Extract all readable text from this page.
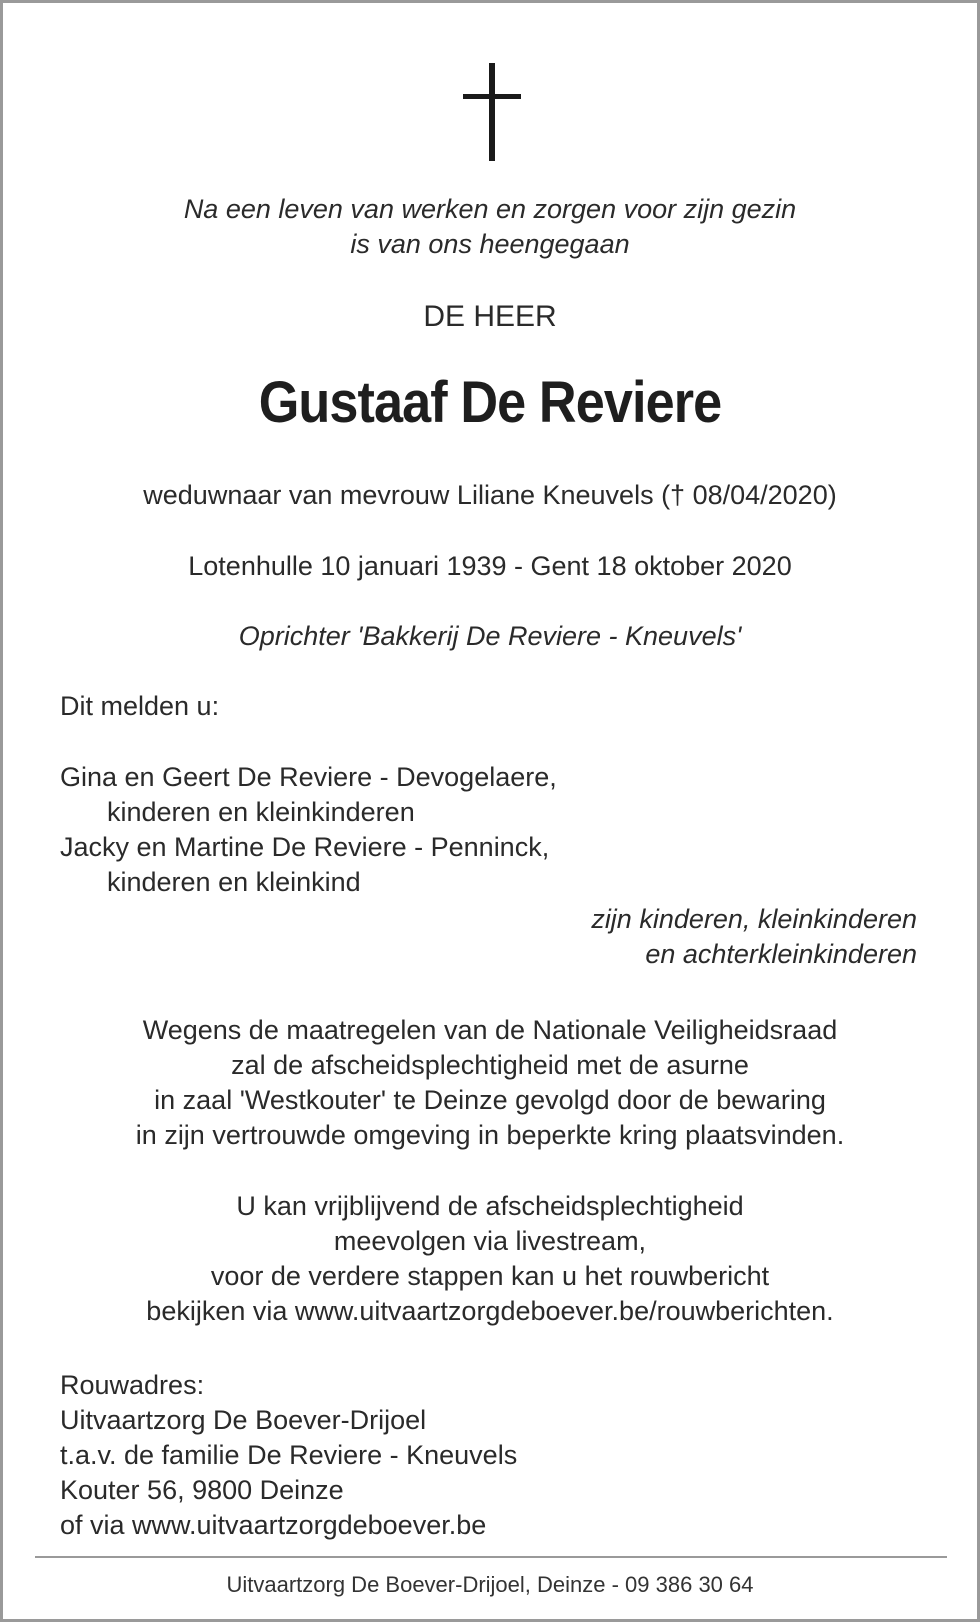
Na een leven van werken en zorgen voor zijn gezin
is van ons heengegaan
DE HEER
Gustaaf De Reviere
weduwnaar van mevrouw Liliane Kneuvels († 08/04/2020)
Lotenhulle 10 januari 1939 - Gent 18 oktober 2020
Oprichter 'Bakkerij De Reviere - Kneuvels'
Dit melden u:
Gina en Geert De Reviere - Devogelaere,
kinderen en kleinkinderen
Jacky en Martine De Reviere - Penninck,
kinderen en kleinkind
zijn kinderen, kleinkinderen
en achterkleinkinderen
Wegens de maatregelen van de Nationale Veiligheidsraad
zal de afscheidsplechtigheid met de asurne
in zaal 'Westkouter' te Deinze gevolgd door de bewaring
in zijn vertrouwde omgeving in beperkte kring plaatsvinden.
U kan vrijblijvend de afscheidsplechtigheid
meevolgen via livestream,
voor de verdere stappen kan u het rouwbericht
bekijken via www.uitvaartzorgdeboever.be/rouwberichten.
Rouwadres:
Uitvaartzorg De Boever-Drijoel
t.a.v. de familie De Reviere - Kneuvels
Kouter 56, 9800 Deinze
of via www.uitvaartzorgdeboever.be
Uitvaartzorg De Boever-Drijoel, Deinze - 09 386 30 64
